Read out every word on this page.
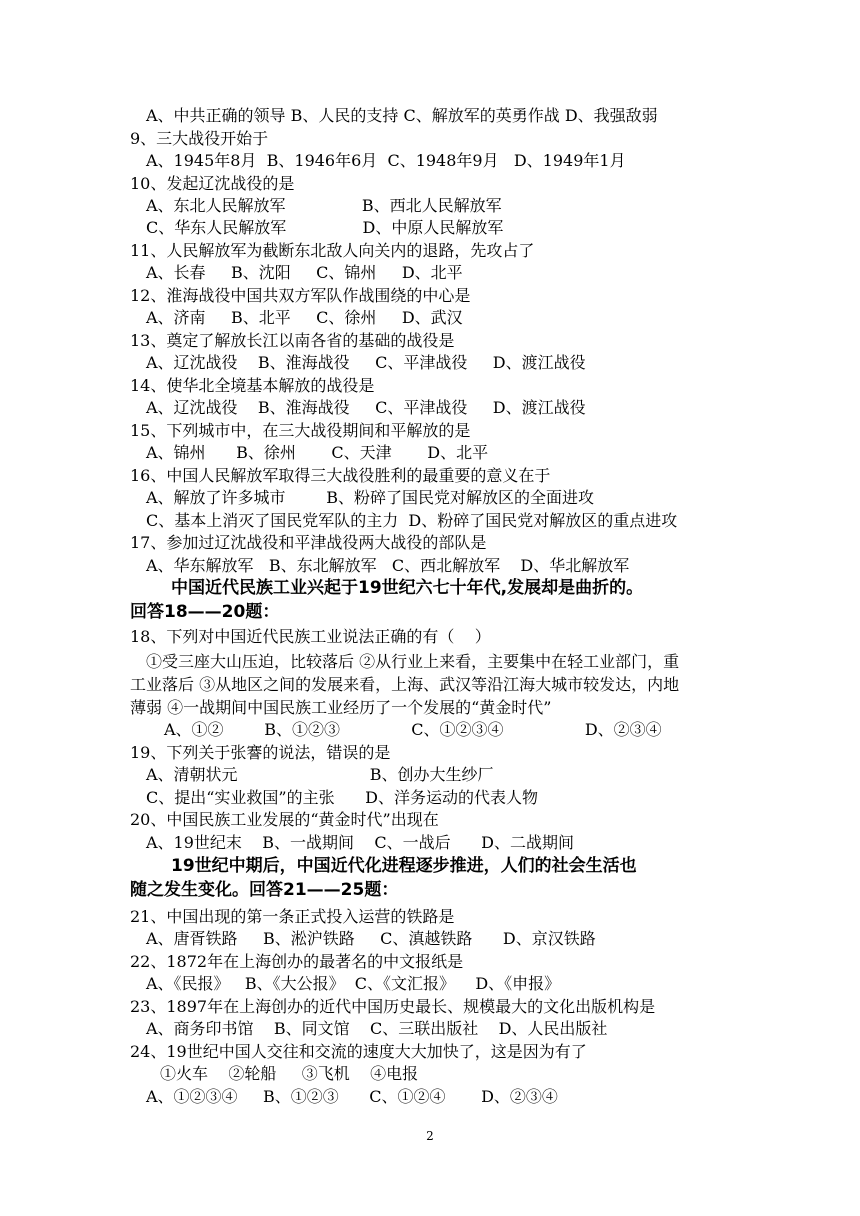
A、中共正确的领导 B、人民的支持 C、解放军的英勇作战 D、我强敌弱
9、三大战役开始于
A、1945年8月  B、1946年6月  C、1948年9月   D、1949年1月
10、发起辽沈战役的是
A、东北人民解放军               B、西北人民解放军
C、华东人民解放军               D、中原人民解放军
11、人民解放军为截断东北敌人向关内的退路，先攻占了
A、长春     B、沈阳     C、锦州     D、北平
12、淮海战役中国共双方军队作战围绕的中心是
A、济南     B、北平     C、徐州     D、武汉
13、奠定了解放长江以南各省的基础的战役是
A、辽沈战役    B、淮海战役     C、平津战役     D、渡江战役
14、使华北全境基本解放的战役是
A、辽沈战役    B、淮海战役     C、平津战役     D、渡江战役
15、下列城市中，在三大战役期间和平解放的是
A、锦州      B、徐州       C、天津       D、北平
16、中国人民解放军取得三大战役胜利的最重要的意义在于
A、解放了许多城市        B、粉碎了国民党对解放区的全面进攻
C、基本上消灭了国民党军队的主力  D、粉碎了国民党对解放区的重点进攻
17、参加过辽沈战役和平津战役两大战役的部队是
A、华东解放军   B、东北解放军   C、西北解放军    D、华北解放军
中国近代民族工业兴起于19世纪六七十年代,发展却是曲折的。
回答18——20题：
18、下列对中国近代民族工业说法正确的有（    ）
①受三座大山压迫，比较落后 ②从行业上来看，主要集中在轻工业部门，重
工业落后 ③从地区之间的发展来看，上海、武汉等沿江海大城市较发达，内地
薄弱 ④一战期间中国民族工业经历了一个发展的“黄金时代”
A、①②        B、①②③              C、①②③④                D、②③④
19、下列关于张謇的说法，错误的是
A、清朝状元                          B、创办大生纱厂
C、提出“实业救国”的主张      D、洋务运动的代表人物
20、中国民族工业发展的“黄金时代”出现在
A、19世纪末    B、一战期间    C、一战后      D、二战期间
19世纪中期后，中国近代化进程逐步推进，人们的社会生活也
随之发生变化。回答21——25题：
21、中国出现的第一条正式投入运营的铁路是
A、唐胥铁路     B、淞沪铁路     C、滇越铁路      D、京汉铁路
22、1872年在上海创办的最著名的中文报纸是
A、《民报》   B、《大公报》  C、《文汇报》    D、《申报》
23、1897年在上海创办的近代中国历史最长、规模最大的文化出版机构是
A、商务印书馆    B、同文馆    C、三联出版社    D、人民出版社
24、19世纪中国人交往和交流的速度大大加快了，这是因为有了
①火车    ②轮船     ③飞机    ④电报
A、①②③④     B、①②③      C、①②④       D、②③④
2
